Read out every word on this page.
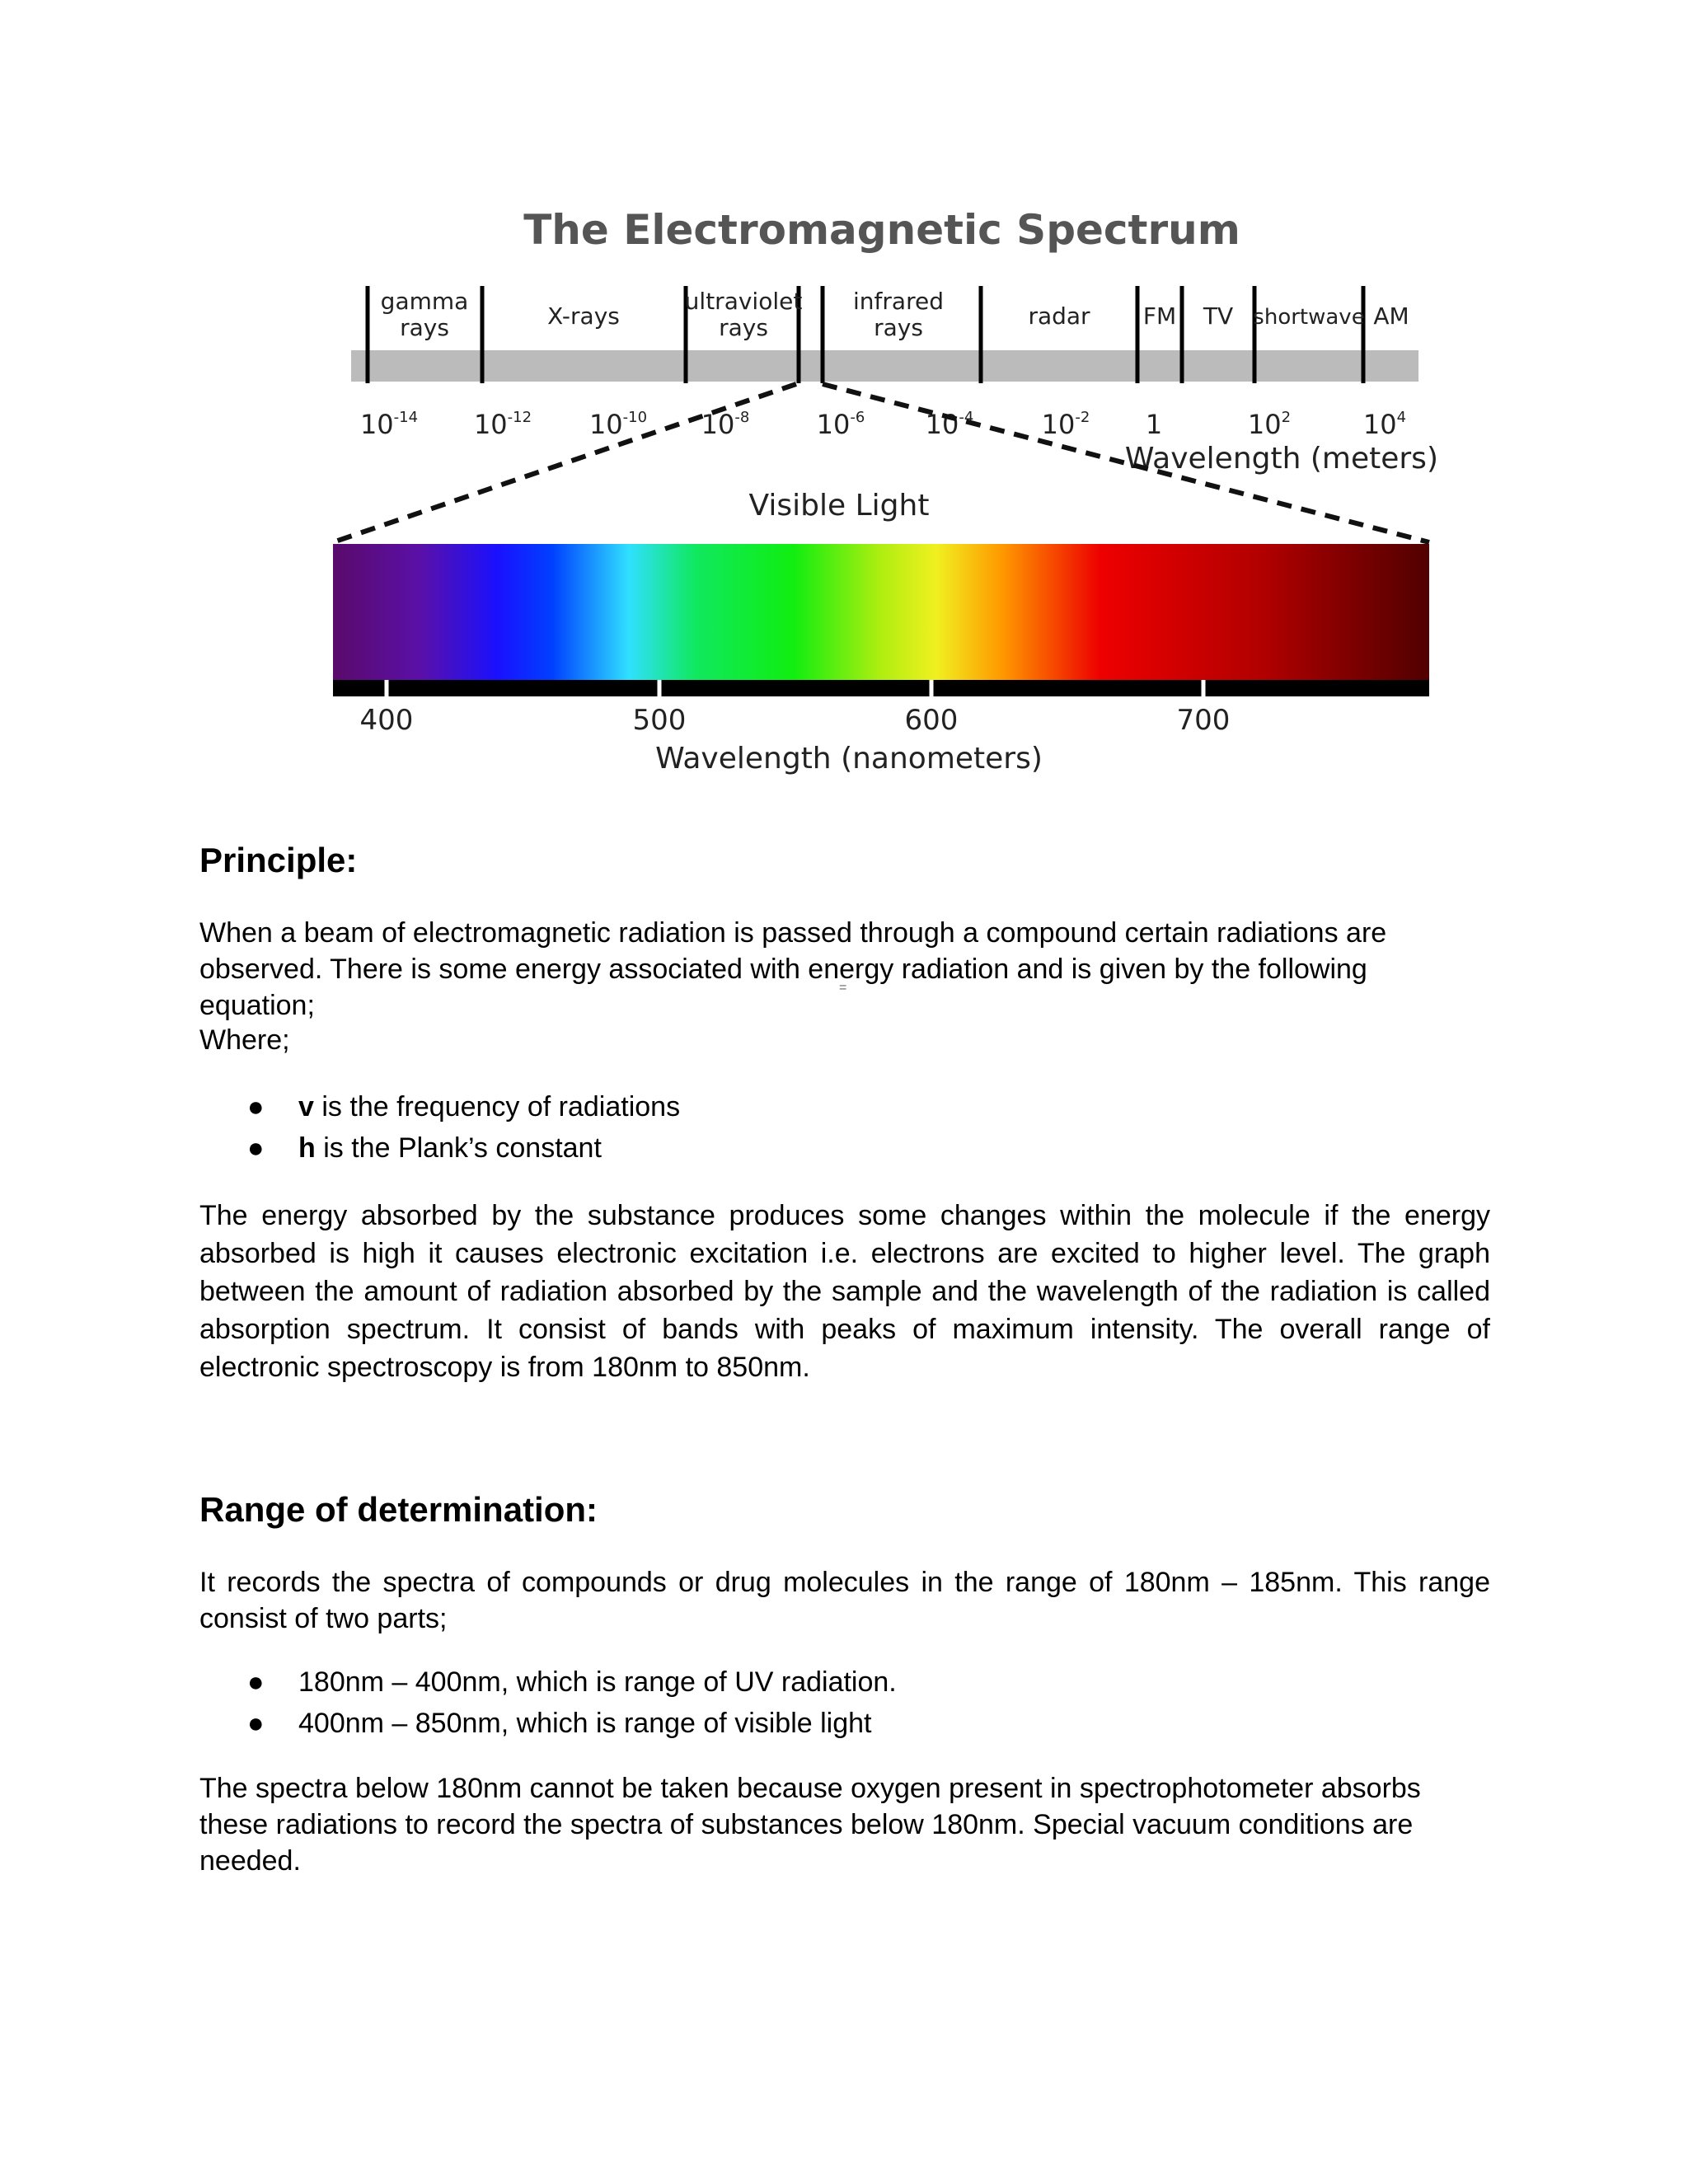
The Electromagnetic Spectrum
gamma
rays	X-rays
ultraviolet
rays
infrared
rays	radar FM TV shortwave AM
$10^{-14}$ $10^{-12}$ $10^{-10}$ $10^{-8}$	$10^{-6}$ $10^{-4}$	$10^{-2}$ 1	$10^2$	$10^4$
Wavelength (meters)
Visible Light
400	500	600	700
Wavelength (nanometers)
Principle:

When a beam of electromagnetic radiation is passed through a compound certain radiations are observed. There is some energy associated with energy radiation and is given by the following equation;

=

Where;

● v is the frequency of radiations
● h is the Plank’s constant

The energy absorbed by the substance produces some changes within the molecule if the energy absorbed is high it causes electronic excitation i.e. electrons are excited to higher level. The graph between the amount of radiation absorbed by the sample and the wavelength of the radiation is called absorption spectrum. It consist of bands with peaks of maximum intensity. The overall range of electronic spectroscopy is from 180nm to 850nm.

Range of determination:

It records the spectra of compounds or drug molecules in the range of 180nm – 185nm. This range consist of two parts;

● 180nm – 400nm, which is range of UV radiation.
● 400nm – 850nm, which is range of visible light

The spectra below 180nm cannot be taken because oxygen present in spectrophotometer absorbs these radiations to record the spectra of substances below 180nm. Special vacuum conditions are needed.
